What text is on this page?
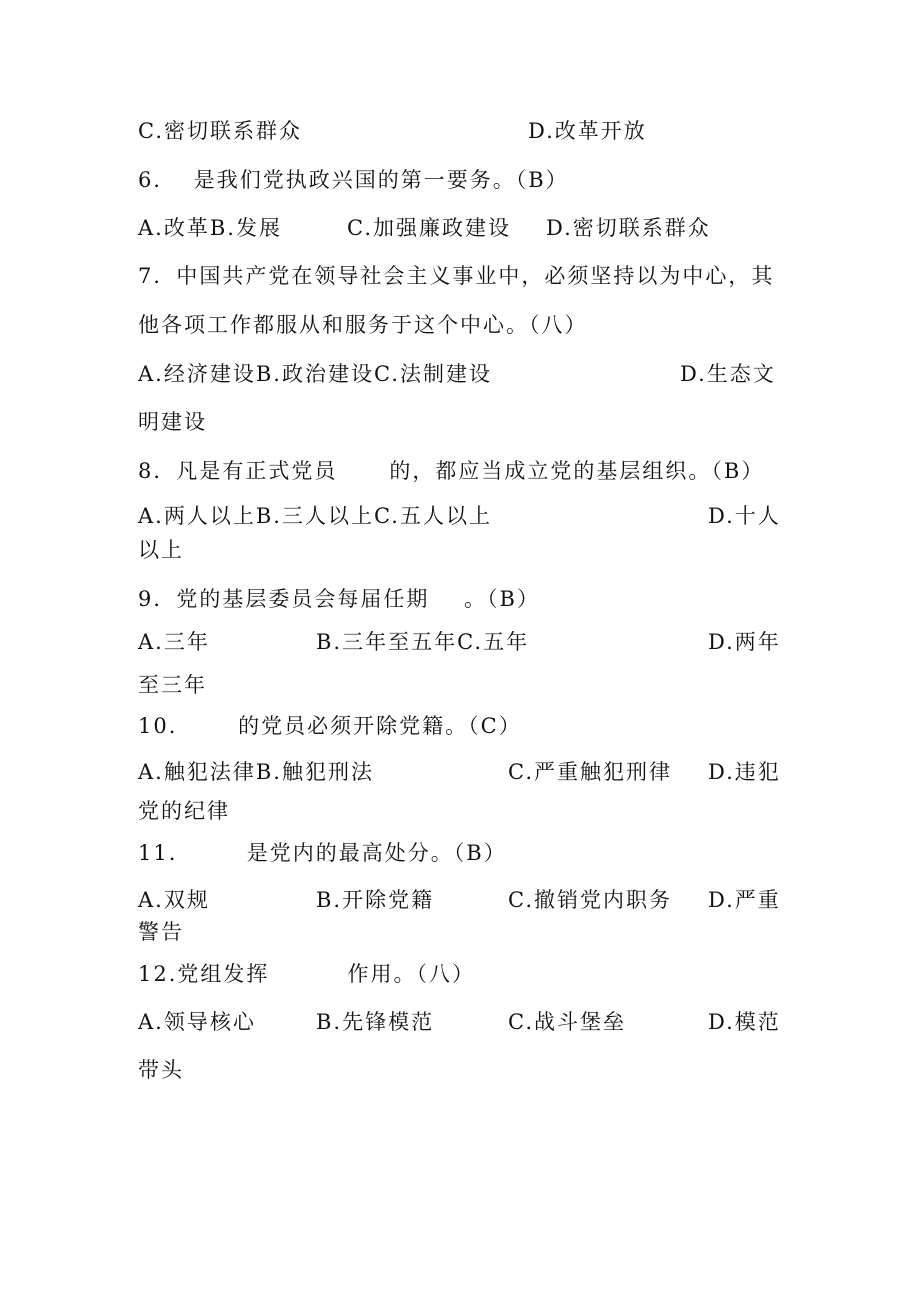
C.密切联系群众	D.改革开放
6．  是我们党执政兴国的第一要务。（B）
A.改革B.发展	C.加强廉政建设 D.密切联系群众
7．中国共产党在领导社会主义事业中，必须坚持以为中心，其
他各项工作都服从和服务于这个中心。（八）
A.经济建设B.政治建设C.法制建设	D.生态文
明建设
8．凡是有正式党员      的，都应当成立党的基层组织。（B）
A.两人以上B.三人以上C.五人以上	D.十人
以上
9．党的基层委员会每届任期    。（B）
A.三年	B.三年至五年C.五年	D.两年
至三年
10.       的党员必须开除党籍。（C）
A.触犯法律B.触犯刑法	C.严重触犯刑律 D.违犯
党的纪律
11.        是党内的最高处分。（B）
A.双规	B.开除党籍	C.撤销党内职务 D.严重
警告
12.党组发挥         作用。（八）
A.领导核心	B.先锋模范	C.战斗堡垒	D.模范
带头
